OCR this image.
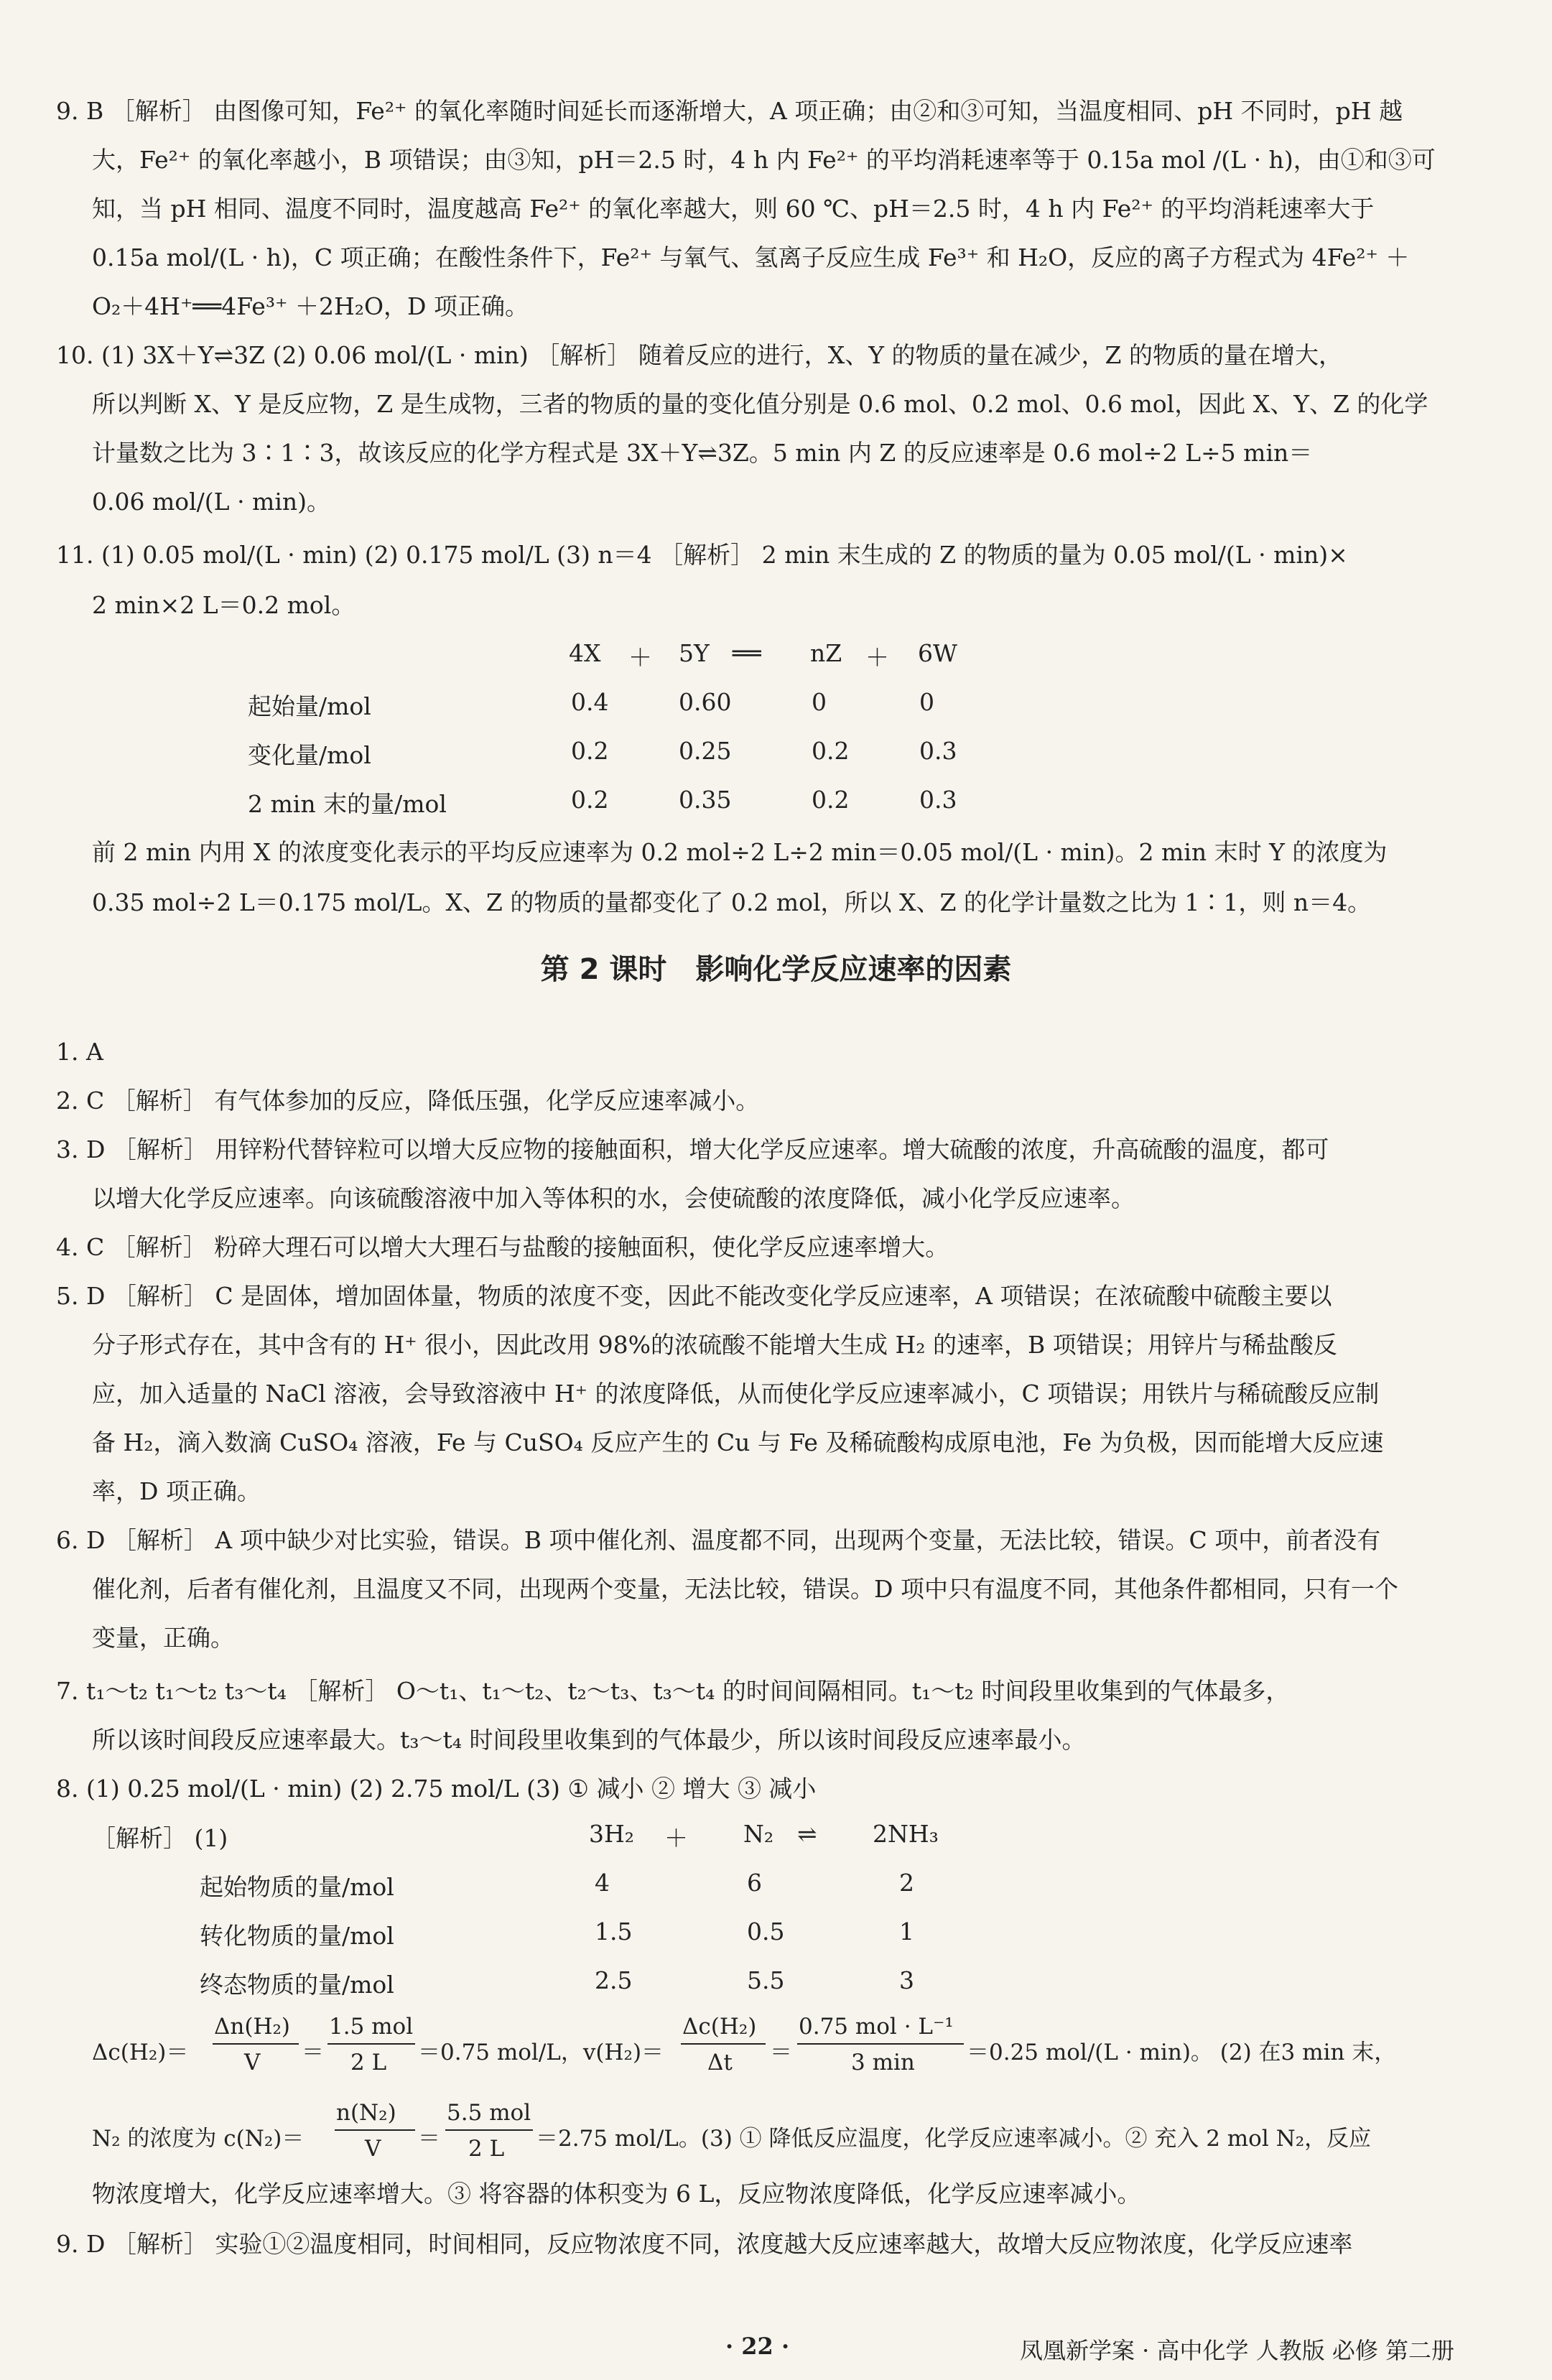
9. B ［解析］ 由图像可知，Fe²⁺ 的氧化率随时间延长而逐渐增大，A 项正确；由②和③可知，当温度相同、pH 不同时，pH 越
大，Fe²⁺ 的氧化率越小，B 项错误；由③知，pH＝2.5 时，4 h 内 Fe²⁺ 的平均消耗速率等于 0.15a mol /(L · h)，由①和③可
知，当 pH 相同、温度不同时，温度越高 Fe²⁺ 的氧化率越大，则 60 ℃、pH＝2.5 时，4 h 内 Fe²⁺ 的平均消耗速率大于
0.15a mol/(L · h)，C 项正确；在酸性条件下，Fe²⁺ 与氧气、氢离子反应生成 Fe³⁺ 和 H₂O，反应的离子方程式为 4Fe²⁺ ＋
O₂＋4H⁺══4Fe³⁺ ＋2H₂O，D 项正确。
10. (1) 3X＋Y⇌3Z (2) 0.06 mol/(L · min) ［解析］ 随着反应的进行，X、Y 的物质的量在减少，Z 的物质的量在增大，
所以判断 X、Y 是反应物，Z 是生成物，三者的物质的量的变化值分别是 0.6 mol、0.2 mol、0.6 mol，因此 X、Y、Z 的化学
计量数之比为 3∶1∶3，故该反应的化学方程式是 3X＋Y⇌3Z。5 min 内 Z 的反应速率是 0.6 mol÷2 L÷5 min＝
0.06 mol/(L · min)。
11. (1) 0.05 mol/(L · min) (2) 0.175 mol/L (3) n＝4 ［解析］ 2 min 末生成的 Z 的物质的量为 0.05 mol/(L · min)×
2 min×2 L＝0.2 mol。
4X ＋ 5Y ══ nZ ＋ 6W
起始量/mol	0.4	0.60	0	0
变化量/mol	0.2	0.25	0.2	0.3
2 min 末的量/mol	0.2	0.35	0.2	0.3
前 2 min 内用 X 的浓度变化表示的平均反应速率为 0.2 mol÷2 L÷2 min＝0.05 mol/(L · min)。2 min 末时 Y 的浓度为
0.35 mol÷2 L＝0.175 mol/L。X、Z 的物质的量都变化了 0.2 mol，所以 X、Z 的化学计量数之比为 1∶1，则 n＝4。
第 2 课时　影响化学反应速率的因素
1. A
2. C ［解析］ 有气体参加的反应，降低压强，化学反应速率减小。
3. D ［解析］ 用锌粉代替锌粒可以增大反应物的接触面积，增大化学反应速率。增大硫酸的浓度，升高硫酸的温度，都可
以增大化学反应速率。向该硫酸溶液中加入等体积的水，会使硫酸的浓度降低，减小化学反应速率。
4. C ［解析］ 粉碎大理石可以增大大理石与盐酸的接触面积，使化学反应速率增大。
5. D ［解析］ C 是固体，增加固体量，物质的浓度不变，因此不能改变化学反应速率，A 项错误；在浓硫酸中硫酸主要以
分子形式存在，其中含有的 H⁺ 很小，因此改用 98%的浓硫酸不能增大生成 H₂ 的速率，B 项错误；用锌片与稀盐酸反
应，加入适量的 NaCl 溶液，会导致溶液中 H⁺ 的浓度降低，从而使化学反应速率减小，C 项错误；用铁片与稀硫酸反应制
备 H₂，滴入数滴 CuSO₄ 溶液，Fe 与 CuSO₄ 反应产生的 Cu 与 Fe 及稀硫酸构成原电池，Fe 为负极，因而能增大反应速
率，D 项正确。
6. D ［解析］ A 项中缺少对比实验，错误。B 项中催化剂、温度都不同，出现两个变量，无法比较，错误。C 项中，前者没有
催化剂，后者有催化剂，且温度又不同，出现两个变量，无法比较，错误。D 项中只有温度不同，其他条件都相同，只有一个
变量，正确。
7. t₁～t₂ t₁～t₂ t₃～t₄ ［解析］ O～t₁、t₁～t₂、t₂～t₃、t₃～t₄ 的时间间隔相同。t₁～t₂ 时间段里收集到的气体最多，
所以该时间段反应速率最大。t₃～t₄ 时间段里收集到的气体最少，所以该时间段反应速率最小。
8. (1) 0.25 mol/(L · min) (2) 2.75 mol/L (3) ① 减小 ② 增大 ③ 减小
［解析］ (1)	3H₂ ＋ N₂ ⇌ 2NH₃
起始物质的量/mol	4	6	2
转化物质的量/mol	1.5	0.5	1
终态物质的量/mol	2.5	5.5	3
Δc(H₂)＝
Δn(H₂)
V ＝
1.5 mol
2 L ＝0.75 mol/L，v(H₂)＝
Δc(H₂)
Δt ＝
0.75 mol · L⁻¹
3 min ＝0.25 mol/(L · min)。 (2) 在3 min 末，
N₂ 的浓度为 c(N₂)＝
n(N₂)
V ＝
5.5 mol
2 L ＝2.75 mol/L。(3) ① 降低反应温度，化学反应速率减小。② 充入 2 mol N₂，反应
物浓度增大，化学反应速率增大。③ 将容器的体积变为 6 L，反应物浓度降低，化学反应速率减小。
9. D ［解析］ 实验①②温度相同，时间相同，反应物浓度不同，浓度越大反应速率越大，故增大反应物浓度，化学反应速率
· 22 ·	凤凰新学案 · 高中化学 人教版 必修 第二册
